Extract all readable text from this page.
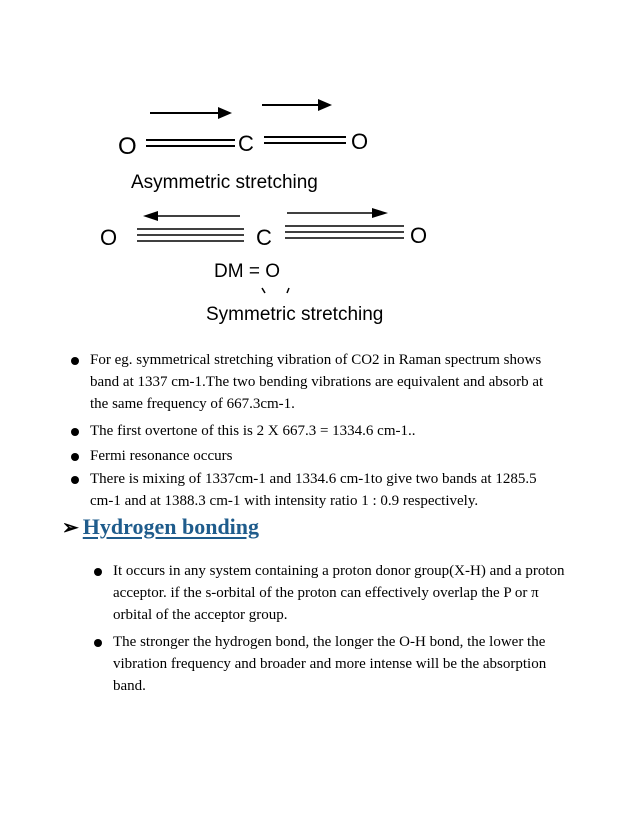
O	C	O
Asymmetric stretching
O	C	O
DM = O
Symmetric stretching
For eg. symmetrical stretching vibration of CO2 in Raman spectrum shows band at 1337 cm-1.The two bending vibrations are equivalent and absorb at the same frequency of 667.3cm-1.
The first overtone of this is 2 X 667.3 = 1334.6 cm-1..
Fermi resonance occurs
There is mixing of 1337cm-1 and 1334.6 cm-1to give two bands at 1285.5 cm-1 and at 1388.3 cm-1 with intensity ratio 1 : 0.9 respectively.
➢ Hydrogen bonding
It occurs in any system containing a proton donor group(X-H) and a proton acceptor. if the s-orbital of the proton can effectively overlap the P or π orbital of the acceptor group.
The stronger the hydrogen bond, the longer the O-H bond, the lower the vibration frequency and broader and more intense will be the absorption band.
